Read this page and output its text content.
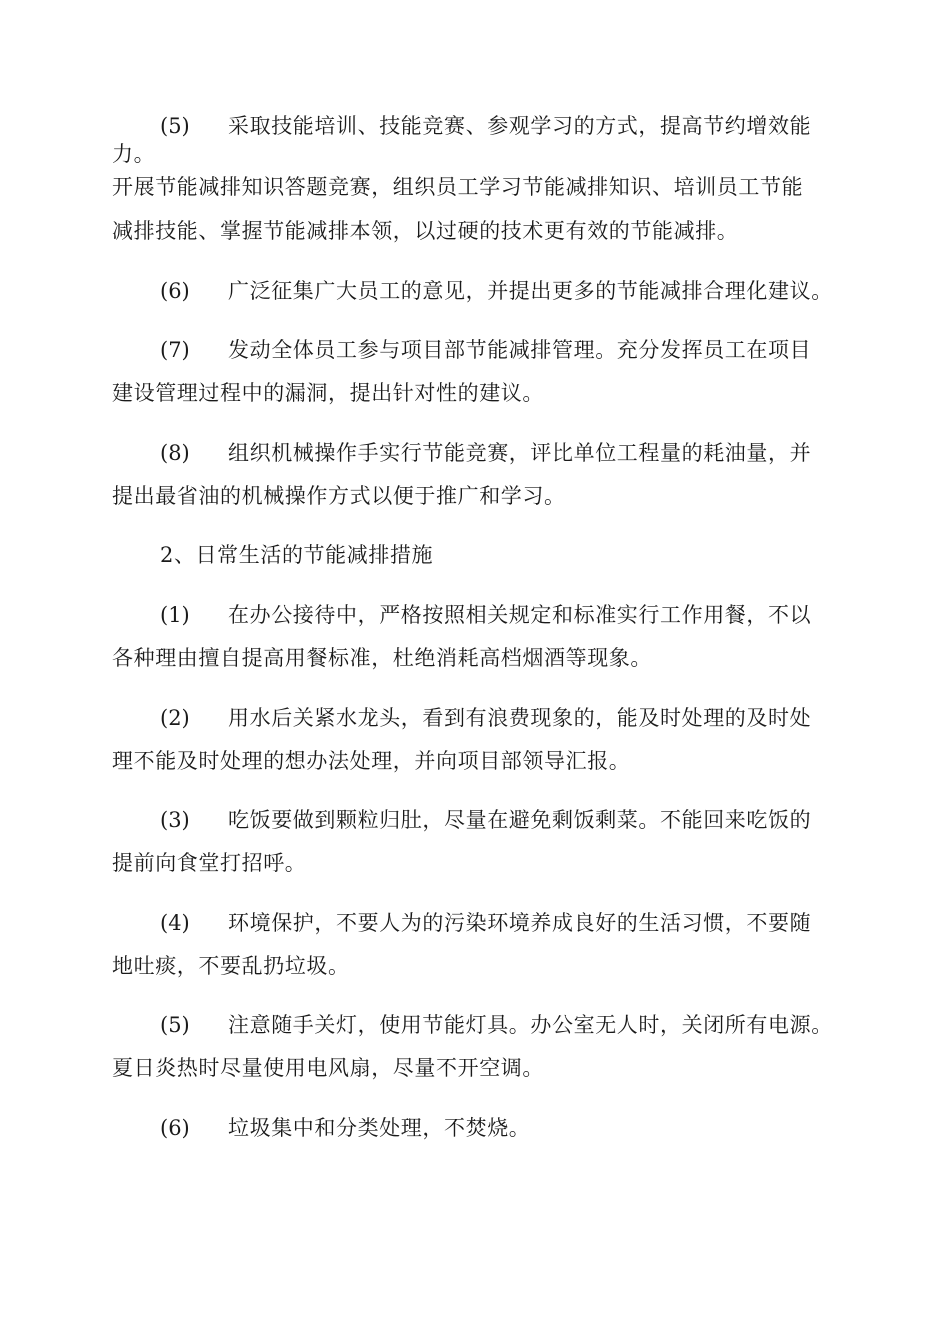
(5) 采取技能培训、技能竞赛、参观学习的方式，提高节约增效能
力。
开展节能减排知识答题竞赛，组织员工学习节能减排知识、培训员工节能
减排技能、掌握节能减排本领，以过硬的技术更有效的节能减排。
(6) 广泛征集广大员工的意见，并提出更多的节能减排合理化建议。
(7) 发动全体员工参与项目部节能减排管理。充分发挥员工在项目
建设管理过程中的漏洞，提出针对性的建议。
(8) 组织机械操作手实行节能竞赛，评比单位工程量的耗油量，并
提出最省油的机械操作方式以便于推广和学习。
2、日常生活的节能减排措施
(1) 在办公接待中，严格按照相关规定和标准实行工作用餐，不以
各种理由擅自提高用餐标准，杜绝消耗高档烟酒等现象。
(2) 用水后关紧水龙头，看到有浪费现象的，能及时处理的及时处
理不能及时处理的想办法处理，并向项目部领导汇报。
(3) 吃饭要做到颗粒归肚，尽量在避免剩饭剩菜。不能回来吃饭的
提前向食堂打招呼。
(4) 环境保护，不要人为的污染环境养成良好的生活习惯，不要随
地吐痰，不要乱扔垃圾。
(5) 注意随手关灯，使用节能灯具。办公室无人时，关闭所有电源。
夏日炎热时尽量使用电风扇，尽量不开空调。
(6) 垃圾集中和分类处理，不焚烧。
